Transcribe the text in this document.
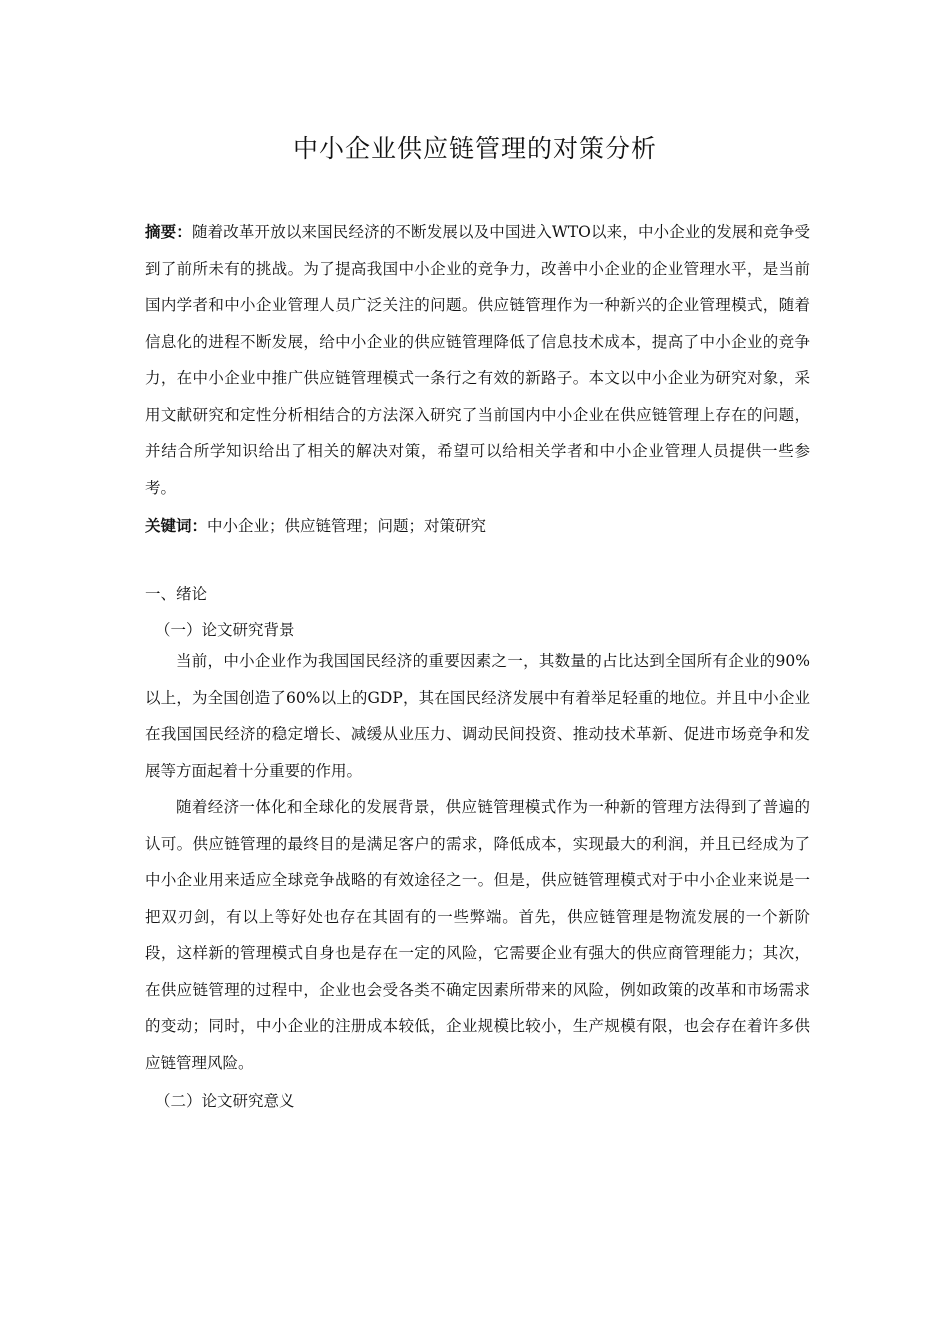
中小企业供应链管理的对策分析

摘要：随着改革开放以来国民经济的不断发展以及中国进入WTO以来，中小企业的发展和竞争受到了前所未有的挑战。为了提高我国中小企业的竞争力，改善中小企业的企业管理水平，是当前国内学者和中小企业管理人员广泛关注的问题。供应链管理作为一种新兴的企业管理模式，随着信息化的进程不断发展，给中小企业的供应链管理降低了信息技术成本，提高了中小企业的竞争力，在中小企业中推广供应链管理模式一条行之有效的新路子。本文以中小企业为研究对象，采用文献研究和定性分析相结合的方法深入研究了当前国内中小企业在供应链管理上存在的问题，并结合所学知识给出了相关的解决对策，希望可以给相关学者和中小企业管理人员提供一些参考。

关键词：中小企业；供应链管理；问题；对策研究

一、绪论

（一）论文研究背景

当前，中小企业作为我国国民经济的重要因素之一，其数量的占比达到全国所有企业的90%以上，为全国创造了60%以上的GDP，其在国民经济发展中有着举足轻重的地位。并且中小企业在我国国民经济的稳定增长、减缓从业压力、调动民间投资、推动技术革新、促进市场竞争和发展等方面起着十分重要的作用。

随着经济一体化和全球化的发展背景，供应链管理模式作为一种新的管理方法得到了普遍的认可。供应链管理的最终目的是满足客户的需求，降低成本，实现最大的利润，并且已经成为了中小企业用来适应全球竞争战略的有效途径之一。但是，供应链管理模式对于中小企业来说是一把双刃剑，有以上等好处也存在其固有的一些弊端。首先，供应链管理是物流发展的一个新阶段，这样新的管理模式自身也是存在一定的风险，它需要企业有强大的供应商管理能力；其次，在供应链管理的过程中，企业也会受各类不确定因素所带来的风险，例如政策的改革和市场需求的变动；同时，中小企业的注册成本较低，企业规模比较小，生产规模有限，也会存在着许多供应链管理风险。

（二）论文研究意义
